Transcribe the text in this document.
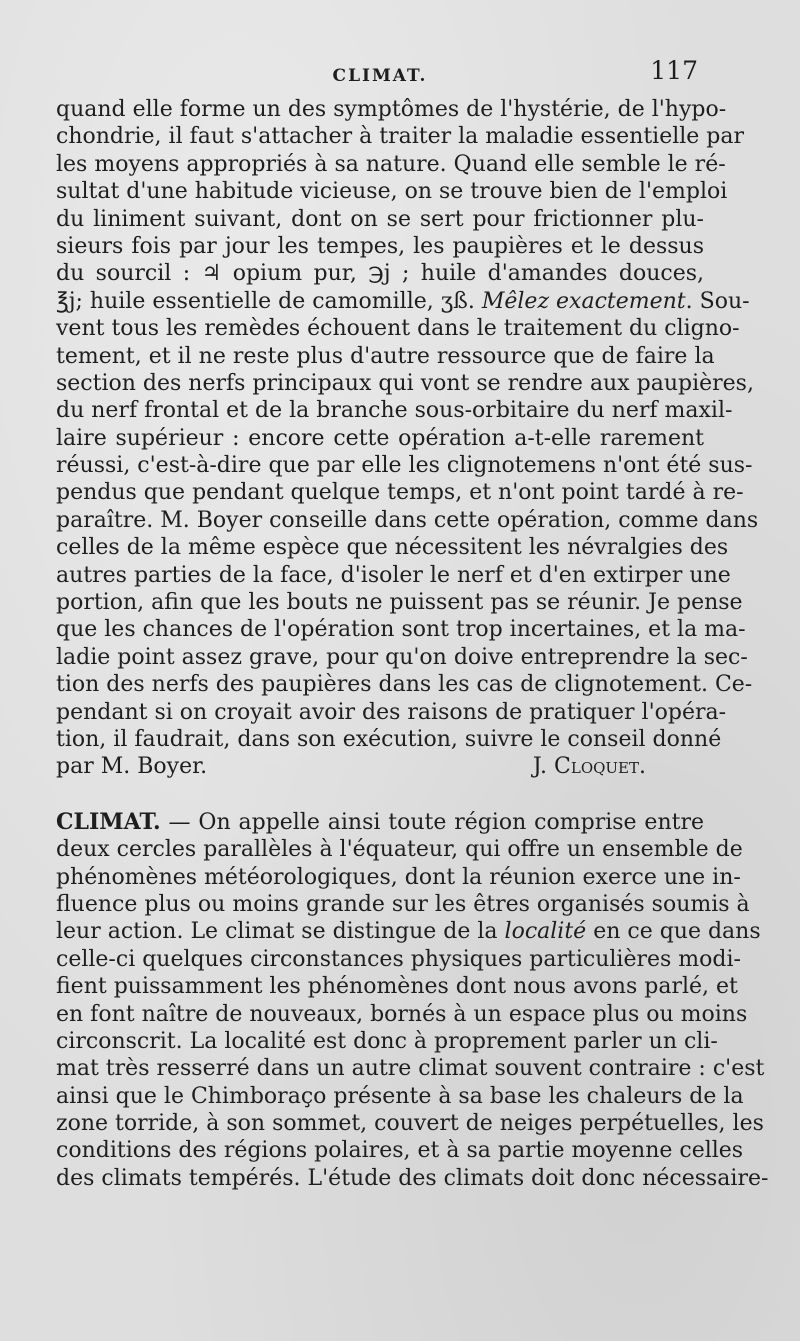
CLIMAT.	117
quand elle forme un des symptômes de l'hystérie, de l'hypo-
chondrie, il faut s'attacher à traiter la maladie essentielle par
les moyens appropriés à sa nature. Quand elle semble le ré-
sultat d'une habitude vicieuse, on se trouve bien de l'emploi
du liniment suivant, dont on se sert pour frictionner plu-
sieurs fois par jour les tempes, les paupières et le dessus
du sourcil : ♃ opium pur, ℈j ; huile d'amandes douces,
℥j; huile essentielle de camomille, ʒß. Mêlez exactement. Sou-
vent tous les remèdes échouent dans le traitement du cligno-
tement, et il ne reste plus d'autre ressource que de faire la
section des nerfs principaux qui vont se rendre aux paupières,
du nerf frontal et de la branche sous-orbitaire du nerf maxil-
laire supérieur : encore cette opération a-t-elle rarement
réussi, c'est-à-dire que par elle les clignotemens n'ont été sus-
pendus que pendant quelque temps, et n'ont point tardé à re-
paraître. M. Boyer conseille dans cette opération, comme dans
celles de la même espèce que nécessitent les névralgies des
autres parties de la face, d'isoler le nerf et d'en extirper une
portion, afin que les bouts ne puissent pas se réunir. Je pense
que les chances de l'opération sont trop incertaines, et la ma-
ladie point assez grave, pour qu'on doive entreprendre la sec-
tion des nerfs des paupières dans les cas de clignotement. Ce-
pendant si on croyait avoir des raisons de pratiquer l'opéra-
tion, il faudrait, dans son exécution, suivre le conseil donné
par M. Boyer.	J. Cloquet.
CLIMAT. — On appelle ainsi toute région comprise entre
deux cercles parallèles à l'équateur, qui offre un ensemble de
phénomènes météorologiques, dont la réunion exerce une in-
fluence plus ou moins grande sur les êtres organisés soumis à
leur action. Le climat se distingue de la localité en ce que dans
celle-ci quelques circonstances physiques particulières modi-
fient puissamment les phénomènes dont nous avons parlé, et
en font naître de nouveaux, bornés à un espace plus ou moins
circonscrit. La localité est donc à proprement parler un cli-
mat très resserré dans un autre climat souvent contraire : c'est
ainsi que le Chimboraço présente à sa base les chaleurs de la
zone torride, à son sommet, couvert de neiges perpétuelles, les
conditions des régions polaires, et à sa partie moyenne celles
des climats tempérés. L'étude des climats doit donc nécessaire-
